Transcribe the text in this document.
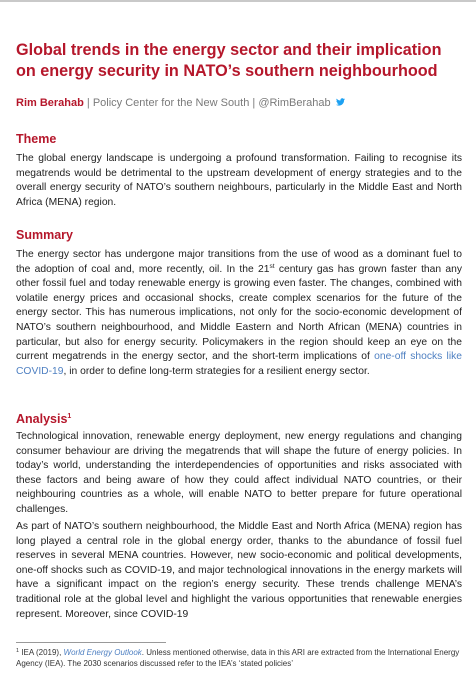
Global trends in the energy sector and their implication on energy security in NATO’s southern neighbourhood
Rim Berahab | Policy Center for the New South | @RimBerahab
Theme

The global energy landscape is undergoing a profound transformation. Failing to recognise its megatrends would be detrimental to the upstream development of energy strategies and to the overall energy security of NATO’s southern neighbours, particularly in the Middle East and North Africa (MENA) region.

Summary

The energy sector has undergone major transitions from the use of wood as a dominant fuel to the adoption of coal and, more recently, oil. In the 21st century gas has grown faster than any other fossil fuel and today renewable energy is growing even faster. The changes, combined with volatile energy prices and occasional shocks, create complex scenarios for the future of the energy sector. This has numerous implications, not only for the socio-economic development of NATO’s southern neighbourhood, and Middle Eastern and North African (MENA) countries in particular, but also for energy security. Policymakers in the region should keep an eye on the current megatrends in the energy sector, and the short-term implications of one-off shocks like COVID-19, in order to define long-term strategies for a resilient energy sector.

Analysis$^1$

Technological innovation, renewable energy deployment, new energy regulations and changing consumer behaviour are driving the megatrends that will shape the future of energy policies. In today’s world, understanding the interdependencies of opportunities and risks associated with these factors and being aware of how they could affect individual NATO countries, or their neighbouring countries as a whole, will enable NATO to better prepare for future operational challenges.

As part of NATO’s southern neighbourhood, the Middle East and North Africa (MENA) region has long played a central role in the global energy order, thanks to the abundance of fossil fuel reserves in several MENA countries. However, new socio-economic and political developments, one-off shocks such as COVID-19, and major technological innovations in the energy markets will have a significant impact on the region’s energy security. These trends challenge MENA’s traditional role at the global level and highlight the various opportunities that renewable energies represent. Moreover, since COVID-19

$^1$ IEA (2019), World Energy Outlook. Unless mentioned otherwise, data in this ARI are extracted from the International Energy Agency (IEA). The 2030 scenarios discussed refer to the IEA’s ‘stated policies’
